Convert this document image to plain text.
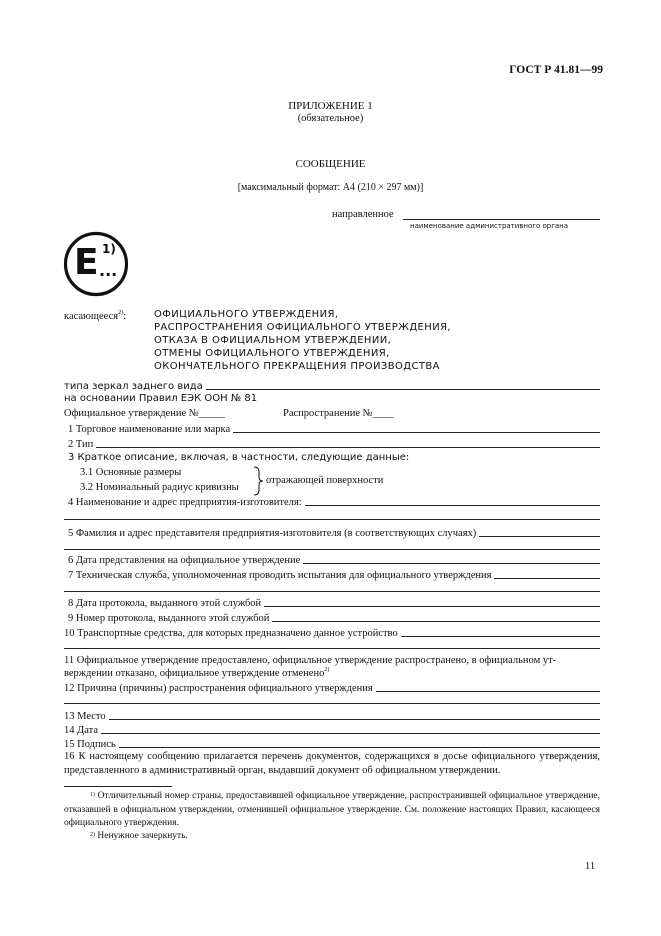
ГОСТ Р 41.81—99
ПРИЛОЖЕНИЕ 1
(обязательное)
СООБЩЕНИЕ
[максимальный формат: А4 (210 × 297 мм)]
направленное
наименование административного органа
E ...
1)
касающееся$^{2)}$:	ОФИЦИАЛЬНОГО УТВЕРЖДЕНИЯ,
РАСПРОСТРАНЕНИЯ ОФИЦИАЛЬНОГО УТВЕРЖДЕНИЯ,
ОТКАЗА В ОФИЦИАЛЬНОМ УТВЕРЖДЕНИИ,
ОТМЕНЫ ОФИЦИАЛЬНОГО УТВЕРЖДЕНИЯ,
ОКОНЧАТЕЛЬНОГО ПРЕКРАЩЕНИЯ ПРОИЗВОДСТВА
типа зеркал заднего вида
на основании Правил ЕЭК ООН № 81
Официальное утверждение №_____	Распространение №____
1 Торговое наименование или марка
2 Тип
3 Краткое описание, включая, в частности, следующие данные:
3.1 Основные размеры
3.2 Номинальный радиус кривизны
отражающей поверхности
4 Наименование и адрес предприятия-изготовителя:
5 Фамилия и адрес представителя предприятия-изготовителя (в соответствующих случаях)
6 Дата представления на официальное утверждение
7 Техническая служба, уполномоченная проводить испытания для официального утверждения
8 Дата протокола, выданного этой службой
9 Номер протокола, выданного этой службой
10 Транспортные средства, для которых предназначено данное устройство
11 Официальное утверждение предоставлено, официальное утверждение распространено, в официальном ут-
верждении отказано, официальное утверждение отменено$^{2)}$
12 Причина (причины) распространения официального утверждения
13 Место
14 Дата
15 Подпись
16 К настоящему сообщению прилагается перечень документов, содержащихся в досье официального утверждения, представленного в административный орган, выдавший документ об официальном утверждении.
$^{1)}$ Отличительный номер страны, предоставившей официальное утверждение, распространившей официальное утверждение, отказавшей в официальном утверждении, отменившей официальное утверждение. См. положение настоящих Правил, касающееся официального утверждения.
$^{2)}$ Ненужное зачеркнуть.
11
